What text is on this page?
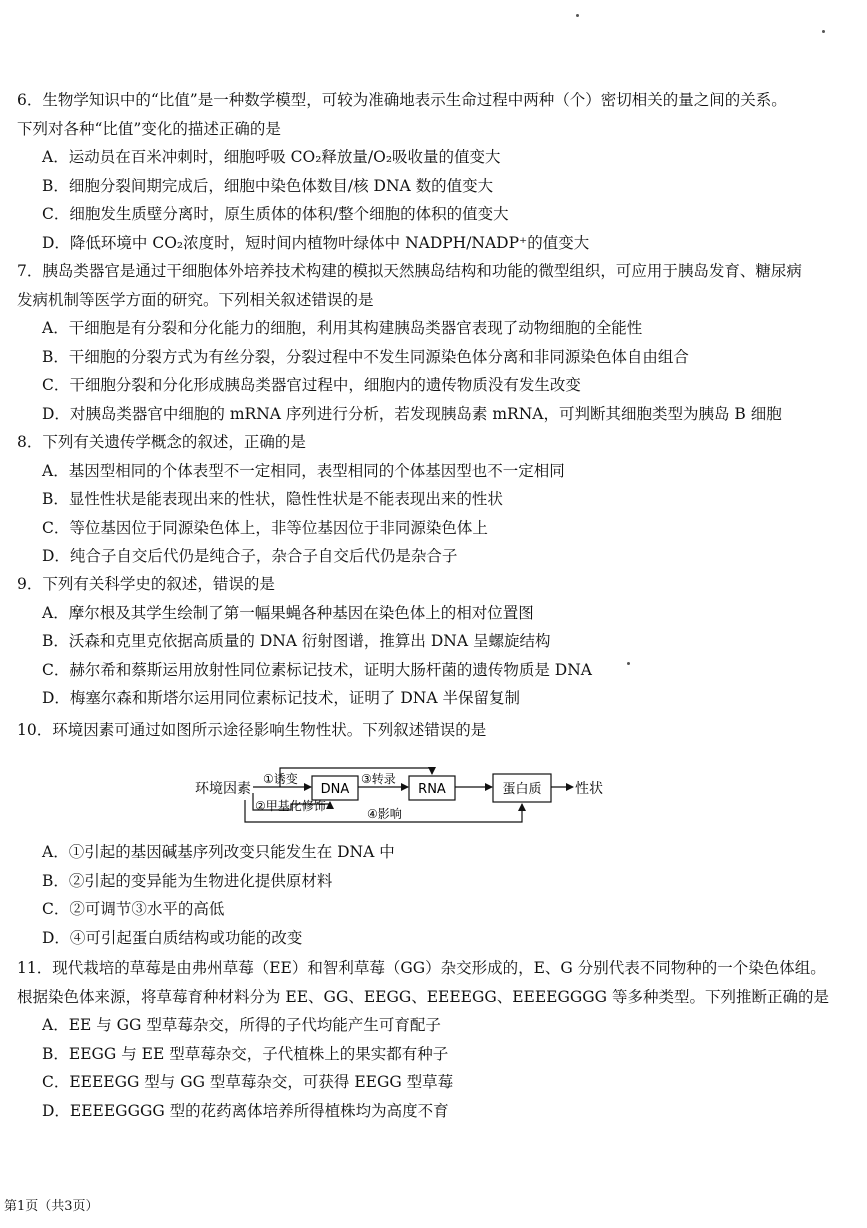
6．生物学知识中的“比值”是一种数学模型，可较为准确地表示生命过程中两种（个）密切相关的量之间的关系。

下列对各种“比值”变化的描述正确的是

A．运动员在百米冲刺时，细胞呼吸 CO₂释放量/O₂吸收量的值变大

B．细胞分裂间期完成后，细胞中染色体数目/核 DNA 数的值变大

C．细胞发生质壁分离时，原生质体的体积/整个细胞的体积的值变大

D．降低环境中 CO₂浓度时，短时间内植物叶绿体中 NADPH/NADP⁺的值变大

7．胰岛类器官是通过干细胞体外培养技术构建的模拟天然胰岛结构和功能的微型组织，可应用于胰岛发育、糖尿病

发病机制等医学方面的研究。下列相关叙述错误的是

A．干细胞是有分裂和分化能力的细胞，利用其构建胰岛类器官表现了动物细胞的全能性

B．干细胞的分裂方式为有丝分裂，分裂过程中不发生同源染色体分离和非同源染色体自由组合

C．干细胞分裂和分化形成胰岛类器官过程中，细胞内的遗传物质没有发生改变

D．对胰岛类器官中细胞的 mRNA 序列进行分析，若发现胰岛素 mRNA，可判断其细胞类型为胰岛 B 细胞

8．下列有关遗传学概念的叙述，正确的是

A．基因型相同的个体表型不一定相同，表型相同的个体基因型也不一定相同

B．显性性状是能表现出来的性状，隐性性状是不能表现出来的性状

C．等位基因位于同源染色体上，非等位基因位于非同源染色体上

D．纯合子自交后代仍是纯合子，杂合子自交后代仍是杂合子

9．下列有关科学史的叙述，错误的是

A．摩尔根及其学生绘制了第一幅果蝇各种基因在染色体上的相对位置图

B．沃森和克里克依据高质量的 DNA 衍射图谱，推算出 DNA 呈螺旋结构

C．赫尔希和蔡斯运用放射性同位素标记技术，证明大肠杆菌的遗传物质是 DNA

D．梅塞尔森和斯塔尔运用同位素标记技术，证明了 DNA 半保留复制

10．环境因素可通过如图所示途径影响生物性状。下列叙述错误的是

环境因素
①诱变
DNA
②甲基化修饰
③转录
RNA	蛋白质 性状
④影响

A．①引起的基因碱基序列改变只能发生在 DNA 中

B．②引起的变异能为生物进化提供原材料

C．②可调节③水平的高低

D．④可引起蛋白质结构或功能的改变

11．现代栽培的草莓是由弗州草莓（EE）和智利草莓（GG）杂交形成的，E、G 分别代表不同物种的一个染色体组。

根据染色体来源，将草莓育种材料分为 EE、GG、EEGG、EEEEGG、EEEEGGGG 等多种类型。下列推断正确的是

A．EE 与 GG 型草莓杂交，所得的子代均能产生可育配子

B．EEGG 与 EE 型草莓杂交，子代植株上的果实都有种子

C．EEEEGG 型与 GG 型草莓杂交，可获得 EEGG 型草莓

D．EEEEGGGG 型的花药离体培养所得植株均为高度不育

第1页（共3页）
